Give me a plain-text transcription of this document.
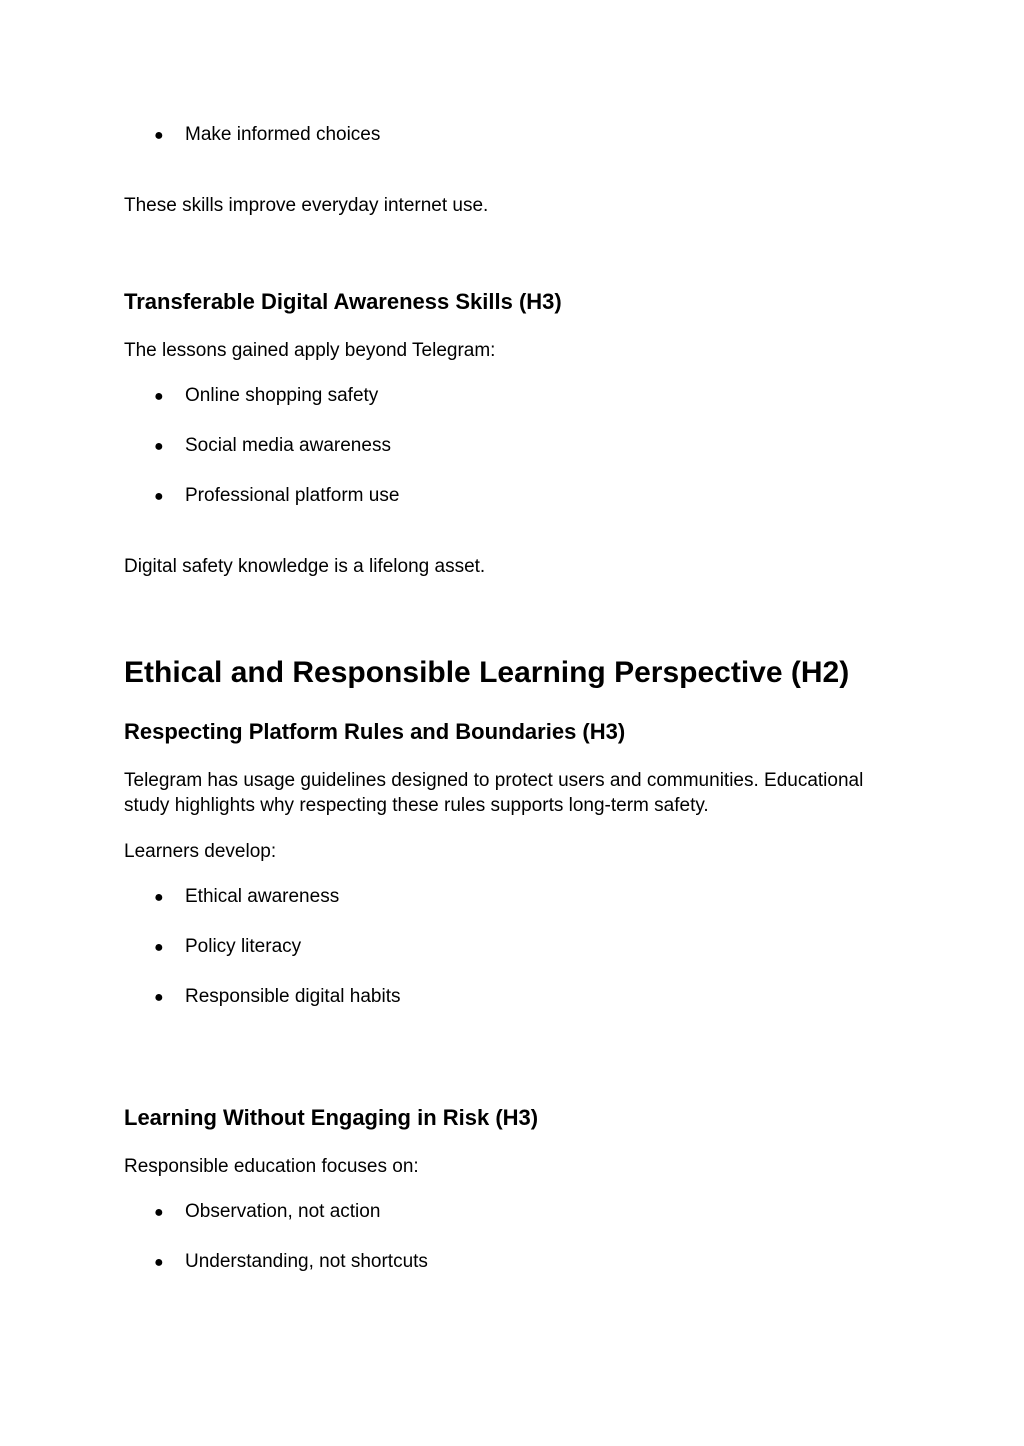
● Make informed choices
These skills improve everyday internet use.
Transferable Digital Awareness Skills (H3)
The lessons gained apply beyond Telegram:
● Online shopping safety
● Social media awareness
● Professional platform use
Digital safety knowledge is a lifelong asset.
Ethical and Responsible Learning Perspective (H2)
Respecting Platform Rules and Boundaries (H3)
Telegram has usage guidelines designed to protect users and communities. Educational study highlights why respecting these rules supports long-term safety.
Learners develop:
● Ethical awareness
● Policy literacy
● Responsible digital habits
Learning Without Engaging in Risk (H3)
Responsible education focuses on:
● Observation, not action
● Understanding, not shortcuts
